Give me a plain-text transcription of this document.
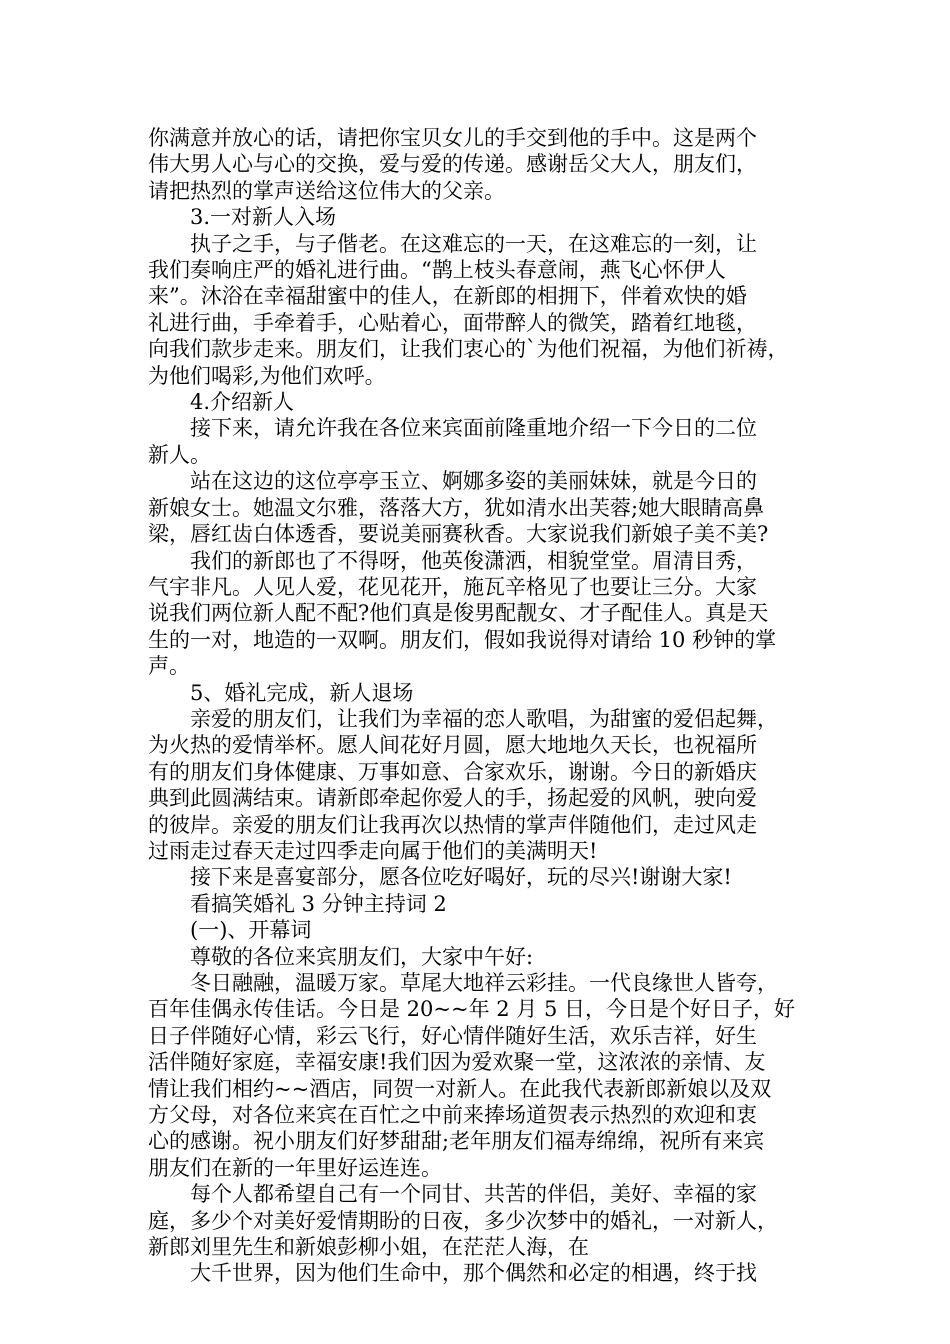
你满意并放心的话，请把你宝贝女儿的手交到他的手中。这是两个

伟大男人心与心的交换，爱与爱的传递。感谢岳父大人，朋友们，

请把热烈的掌声送给这位伟大的父亲。

3.一对新人入场

执子之手，与子偕老。在这难忘的一天，在这难忘的一刻，让

我们奏响庄严的婚礼进行曲。“鹊上枝头春意闹，燕飞心怀伊人

来”。沐浴在幸福甜蜜中的佳人，在新郎的相拥下，伴着欢快的婚

礼进行曲，手牵着手，心贴着心，面带醉人的微笑，踏着红地毯，

向我们款步走来。朋友们，让我们衷心的`为他们祝福，为他们祈祷，

为他们喝彩,为他们欢呼。

4.介绍新人

接下来，请允许我在各位来宾面前隆重地介绍一下今日的二位

新人。

站在这边的这位亭亭玉立、婀娜多姿的美丽妹妹，就是今日的

新娘女士。她温文尔雅，落落大方，犹如清水出芙蓉;她大眼睛高鼻

梁，唇红齿白体透香，要说美丽赛秋香。大家说我们新娘子美不美?

我们的新郎也了不得呀，他英俊潇洒，相貌堂堂。眉清目秀，

气宇非凡。人见人爱，花见花开，施瓦辛格见了也要让三分。大家

说我们两位新人配不配?他们真是俊男配靓女、才子配佳人。真是天

生的一对，地造的一双啊。朋友们，假如我说得对请给 10 秒钟的掌

声。

5、婚礼完成，新人退场

亲爱的朋友们，让我们为幸福的恋人歌唱，为甜蜜的爱侣起舞，

为火热的爱情举杯。愿人间花好月圆，愿大地地久天长，也祝福所

有的朋友们身体健康、万事如意、合家欢乐，谢谢。今日的新婚庆

典到此圆满结束。请新郎牵起你爱人的手，扬起爱的风帆，驶向爱

的彼岸。亲爱的朋友们让我再次以热情的掌声伴随他们，走过风走

过雨走过春天走过四季走向属于他们的美满明天!

接下来是喜宴部分，愿各位吃好喝好，玩的尽兴!谢谢大家!

看搞笑婚礼 3 分钟主持词 2

(一)、开幕词

尊敬的各位来宾朋友们，大家中午好:

冬日融融，温暖万家。草尾大地祥云彩挂。一代良缘世人皆夸，

百年佳偶永传佳话。今日是 20~~年 2 月 5 日，今日是个好日子，好

日子伴随好心情，彩云飞行，好心情伴随好生活，欢乐吉祥，好生

活伴随好家庭，幸福安康!我们因为爱欢聚一堂，这浓浓的亲情、友

情让我们相约~~酒店，同贺一对新人。在此我代表新郎新娘以及双

方父母，对各位来宾在百忙之中前来捧场道贺表示热烈的欢迎和衷

心的感谢。祝小朋友们好梦甜甜;老年朋友们福寿绵绵，祝所有来宾

朋友们在新的一年里好运连连。

每个人都希望自己有一个同甘、共苦的伴侣，美好、幸福的家

庭，多少个对美好爱情期盼的日夜，多少次梦中的婚礼，一对新人，

新郎刘里先生和新娘彭柳小姐，在茫茫人海，在

大千世界，因为他们生命中，那个偶然和必定的相遇，终于找
